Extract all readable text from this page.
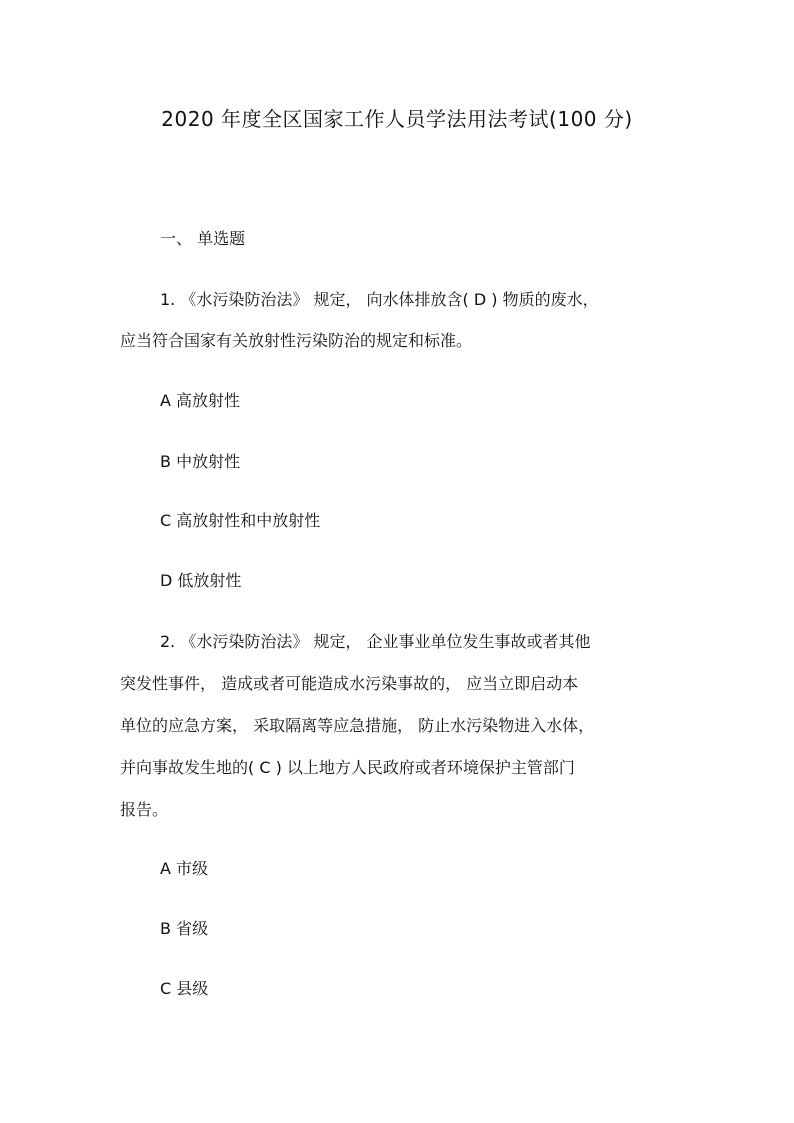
2020 年度全区国家工作人员学法用法考试(100 分)
一、 单选题
1. 《水污染防治法》 规定， 向水体排放含( D ) 物质的废水，
应当符合国家有关放射性污染防治的规定和标准。
A 高放射性
B 中放射性
C 高放射性和中放射性
D 低放射性
2. 《水污染防治法》 规定， 企业事业单位发生事故或者其他
突发性事件， 造成或者可能造成水污染事故的， 应当立即启动本
单位的应急方案， 采取隔离等应急措施， 防止水污染物进入水体，
并向事故发生地的( C ) 以上地方人民政府或者环境保护主管部门
报告。
A 市级
B 省级
C 县级
